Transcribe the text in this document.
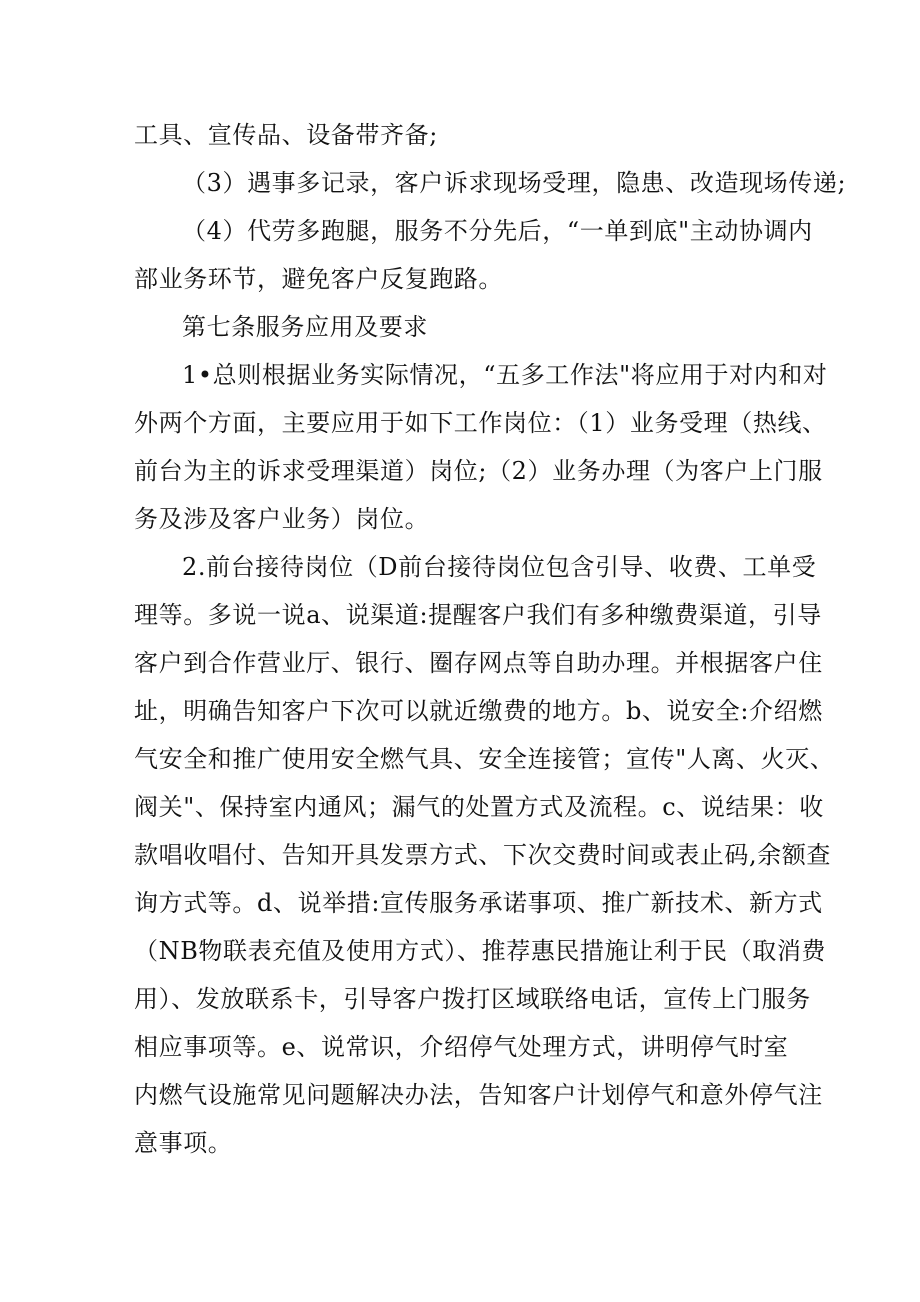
工具、宣传品、设备带齐备;
（3）遇事多记录，客户诉求现场受理，隐患、改造现场传递;
（4）代劳多跑腿，服务不分先后，“一单到底"主动协调内
部业务环节，避免客户反复跑路。
第七条服务应用及要求
1•总则根据业务实际情况，“五多工作法"将应用于对内和对
外两个方面，主要应用于如下工作岗位：（1）业务受理（热线、
前台为主的诉求受理渠道）岗位;（2）业务办理（为客户上门服
务及涉及客户业务）岗位。
2.前台接待岗位（D前台接待岗位包含引导、收费、工单受
理等。多说一说a、说渠道:提醒客户我们有多种缴费渠道，引导
客户到合作营业厅、银行、圈存网点等自助办理。并根据客户住
址，明确告知客户下次可以就近缴费的地方。b、说安全:介绍燃
气安全和推广使用安全燃气具、安全连接管；宣传"人离、火灭、
阀关"、保持室内通风；漏气的处置方式及流程。c、说结果：收
款唱收唱付、告知开具发票方式、下次交费时间或表止码,余额查
询方式等。d、说举措:宣传服务承诺事项、推广新技术、新方式
（NB物联表充值及使用方式）、推荐惠民措施让利于民（取消费
用）、发放联系卡，引导客户拨打区域联络电话，宣传上门服务
相应事项等。e、说常识，介绍停气处理方式，讲明停气时室
内燃气设施常见问题解决办法，告知客户计划停气和意外停气注
意事项。
